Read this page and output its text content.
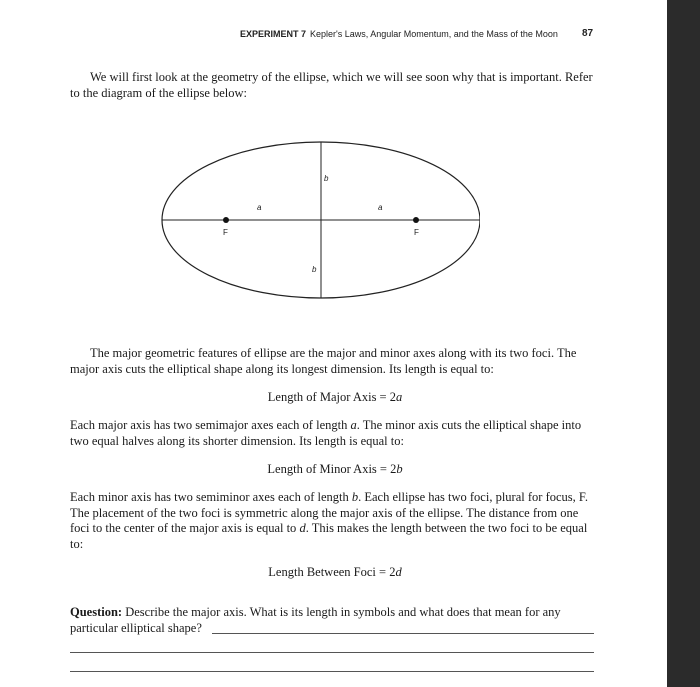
EXPERIMENT 7 Kepler's Laws, Angular Momentum, and the Mass of the Moon 87

We will first look at the geometry of the ellipse, which we will see soon why that is important. Refer to the diagram of the ellipse below:

a	a
b
b
F	F

The major geometric features of ellipse are the major and minor axes along with its two foci. The major axis cuts the elliptical shape along its longest dimension. Its length is equal to:

Length of Major Axis = 2a

Each major axis has two semimajor axes each of length a. The minor axis cuts the elliptical shape into two equal halves along its shorter dimension. Its length is equal to:

Length of Minor Axis = 2b

Each minor axis has two semiminor axes each of length b. Each ellipse has two foci, plural for focus, F. The placement of the two foci is symmetric along the major axis of the ellipse. The distance from one foci to the center of the major axis is equal to d. This makes the length between the two foci to be equal to:

Length Between Foci = 2d

Question: Describe the major axis. What is its length in symbols and what does that mean for any particular elliptical shape?
